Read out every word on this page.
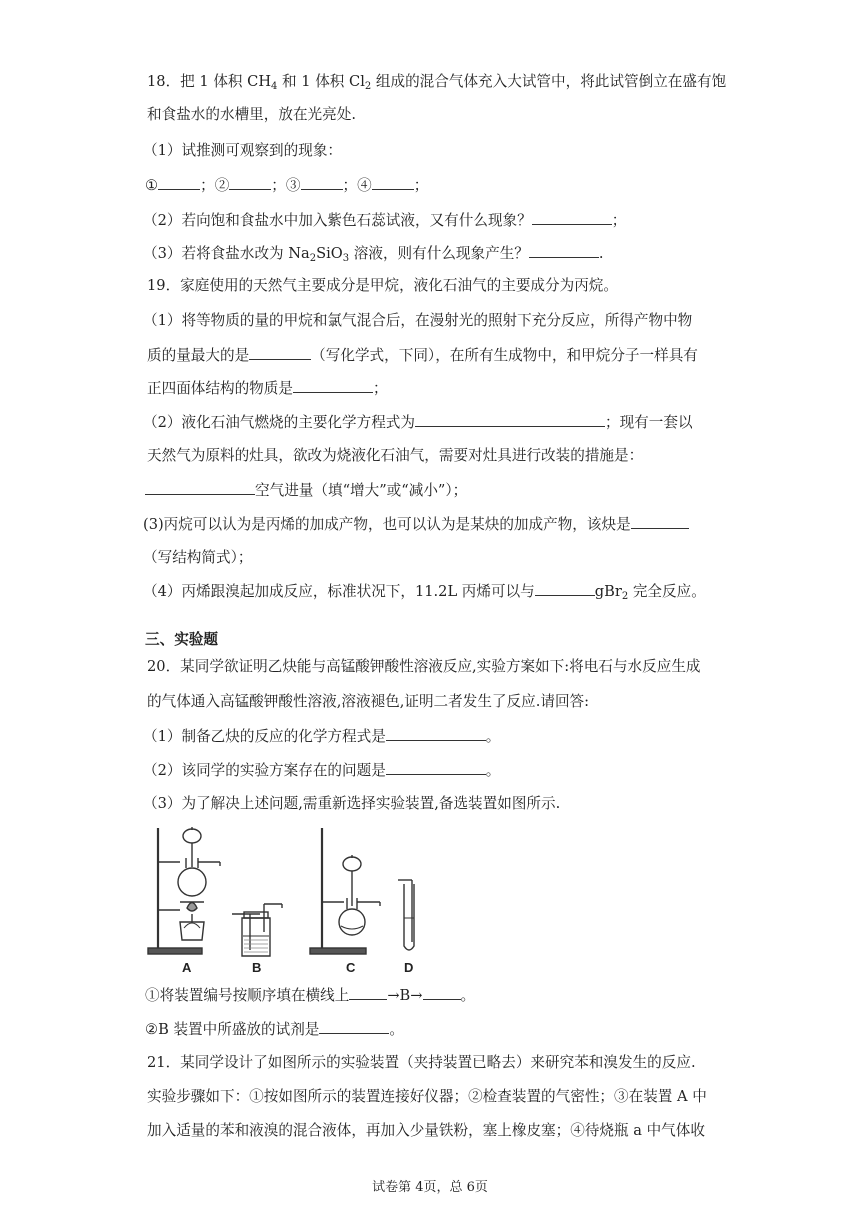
18．把 1 体积 $CH_4$ 和 1 体积 $Cl_2$ 组成的混合气体充入大试管中，将此试管倒立在盛有饱
和食盐水的水槽里，放在光亮处.
（1）试推测可观察到的现象：
①	；②	；③	；④	；
（2）若向饱和食盐水中加入紫色石蕊试液，又有什么现象？	；
（3）若将食盐水改为 $Na_2SiO_3$ 溶液，则有什么现象产生？	.
19．家庭使用的天然气主要成分是甲烷，液化石油气的主要成分为丙烷。
（1）将等物质的量的甲烷和氯气混合后，在漫射光的照射下充分反应，所得产物中物
质的量最大的是	（写化学式，下同），在所有生成物中，和甲烷分子一样具有
正四面体结构的物质是	；
（2）液化石油气燃烧的主要化学方程式为	；现有一套以
天然气为原料的灶具，欲改为烧液化石油气，需要对灶具进行改装的措施是：
空气进量（填“增大”或“减小”）；
(3)丙烷可以认为是丙烯的加成产物，也可以认为是某炔的加成产物，该炔是
（写结构简式）；
（4）丙烯跟溴起加成反应，标准状况下，11.2L 丙烯可以与	gBr$_2$ 完全反应。
三、实验题
20．某同学欲证明乙炔能与高锰酸钾酸性溶液反应,实验方案如下:将电石与水反应生成
的气体通入高锰酸钾酸性溶液,溶液褪色,证明二者发生了反应.请回答:
（1）制备乙炔的反应的化学方程式是	。
（2）该同学的实验方案存在的问题是	。
（3）为了解决上述问题,需重新选择实验装置,备选装置如图所示.
A	B	C	D
①将装置编号按顺序填在横线上	→B→	。
②B 装置中所盛放的试剂是	。
21．某同学设计了如图所示的实验装置（夹持装置已略去）来研究苯和溴发生的反应.
实验步骤如下：①按如图所示的装置连接好仪器；②检查装置的气密性；③在装置 A 中
加入适量的苯和液溴的混合液体，再加入少量铁粉，塞上橡皮塞；④待烧瓶 a 中气体收
试卷第 4页，总 6页
